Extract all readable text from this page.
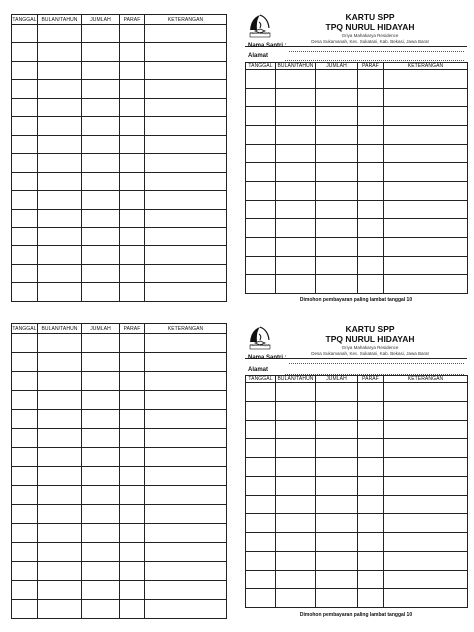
TANGGAL	BULAN/TAHUN	JUMLAH	PARAF	KETERANGAN

Nurul Hidayah
KARTU SPP
TPQ NURUL HIDAYAH
Griya Mahakarya Residence
Desa Sukamanah, Kec. Sukatani, Kab. Bekasi, Jawa Barat
Nama Santri :
Alamat
TANGGAL	BULAN/TAHUN	JUMLAH	PARAF	KETERANGAN

Dimohon pembayaran paling lambat tanggal 10
TANGGAL	BULAN/TAHUN	JUMLAH	PARAF	KETERANGAN

Nurul Hidayah
KARTU SPP
TPQ NURUL HIDAYAH
Griya Mahakarya Residence
Desa Sukamanah, Kec. Sukatani, Kab. Bekasi, Jawa Barat
Nama Santri :
Alamat
TANGGAL	BULAN/TAHUN	JUMLAH	PARAF	KETERANGAN

Dimohon pembayaran paling lambat tanggal 10
